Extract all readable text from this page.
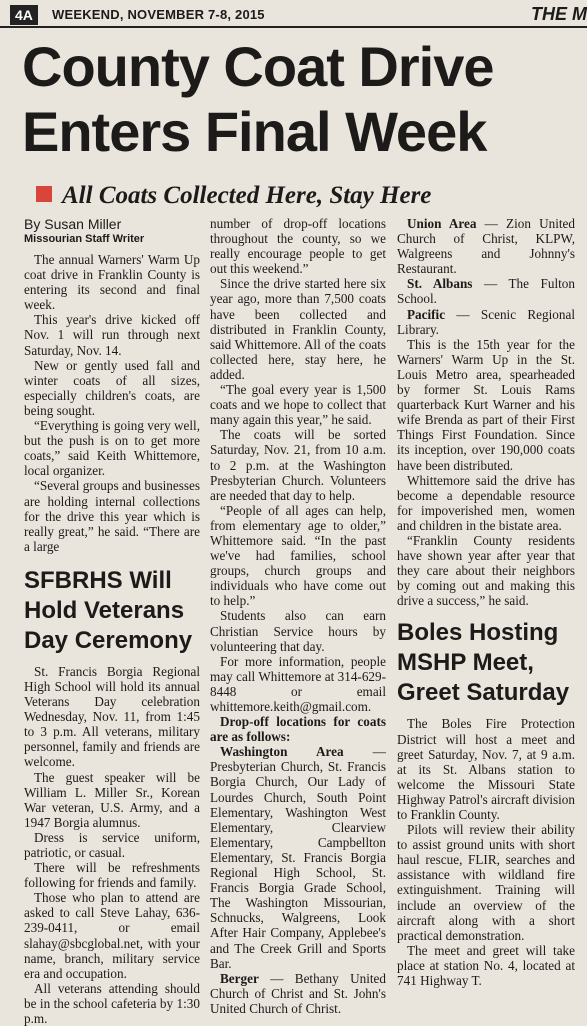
4A	WEEKEND, NOVEMBER 7-8, 2015	THE M
County Coat Drive Enters Final Week
All Coats Collected Here, Stay Here
By Susan Miller
Missourian Staff Writer

The annual Warners' Warm Up coat drive in Franklin County is entering its second and final week.

This year's drive kicked off Nov. 1 will run through next Saturday, Nov. 14.

New or gently used fall and winter coats of all sizes, especially children's coats, are being sought.

“Everything is going very well, but the push is on to get more coats,” said Keith Whittemore, local organizer.

“Several groups and businesses are holding internal collections for the drive this year which is really great,” he said. “There are a large

SFBRHS Will Hold Veterans Day Ceremony

St. Francis Borgia Regional High School will hold its annual Veterans Day celebration Wednesday, Nov. 11, from 1:45 to 3 p.m. All veterans, military personnel, family and friends are welcome.

The guest speaker will be William L. Miller Sr., Korean War veteran, U.S. Army, and a 1947 Borgia alumnus.

Dress is service uniform, patriotic, or casual.

There will be refreshments following for friends and family.

Those who plan to attend are asked to call Steve Lahay, 636-239-0411, or email slahay@sbcglobal.net, with your name, branch, military service era and occupation.

All veterans attending should be in the school cafeteria by 1:30 p.m.

number of drop-off locations throughout the county, so we really encourage people to get out this weekend.”

Since the drive started here six year ago, more than 7,500 coats have been collected and distributed in Franklin County, said Whittemore. All of the coats collected here, stay here, he added.

“The goal every year is 1,500 coats and we hope to collect that many again this year,” he said.

The coats will be sorted Saturday, Nov. 21, from 10 a.m. to 2 p.m. at the Washington Presbyterian Church. Volunteers are needed that day to help.

“People of all ages can help, from elementary age to older,” Whittemore said. “In the past we've had families, school groups, church groups and individuals who have come out to help.”

Students also can earn Christian Service hours by volunteering that day.

For more information, people may call Whittemore at 314-629-8448 or email whittemore.keith@gmail.com.

Drop-off locations for coats are as follows:

Washington Area — Presbyterian Church, St. Francis Borgia Church, Our Lady of Lourdes Church, South Point Elementary, Washington West Elementary, Clearview Elementary, Campbellton Elementary, St. Francis Borgia Regional High School, St. Francis Borgia Grade School, The Washington Missourian, Schnucks, Walgreens, Look After Hair Company, Applebee's and The Creek Grill and Sports Bar.

Berger — Bethany United Church of Christ and St. John's United Church of Christ.

Union Area — Zion United Church of Christ, KLPW, Walgreens and Johnny's Restaurant.

St. Albans — The Fulton School.

Pacific — Scenic Regional Library.

This is the 15th year for the Warners' Warm Up in the St. Louis Metro area, spearheaded by former St. Louis Rams quarterback Kurt Warner and his wife Brenda as part of their First Things First Foundation. Since its inception, over 190,000 coats have been distributed.

Whittemore said the drive has become a dependable resource for impoverished men, women and children in the bistate area.

“Franklin County residents have shown year after year that they care about their neighbors by coming out and making this drive a success,” he said.

Boles Hosting MSHP Meet, Greet Saturday

The Boles Fire Protection District will host a meet and greet Saturday, Nov. 7, at 9 a.m. at its St. Albans station to welcome the Missouri State Highway Patrol's aircraft division to Franklin County.

Pilots will review their ability to assist ground units with short haul rescue, FLIR, searches and assistance with wildland fire extinguishment. Training will include an overview of the aircraft along with a short practical demonstration.

The meet and greet will take place at station No. 4, located at 741 Highway T.
